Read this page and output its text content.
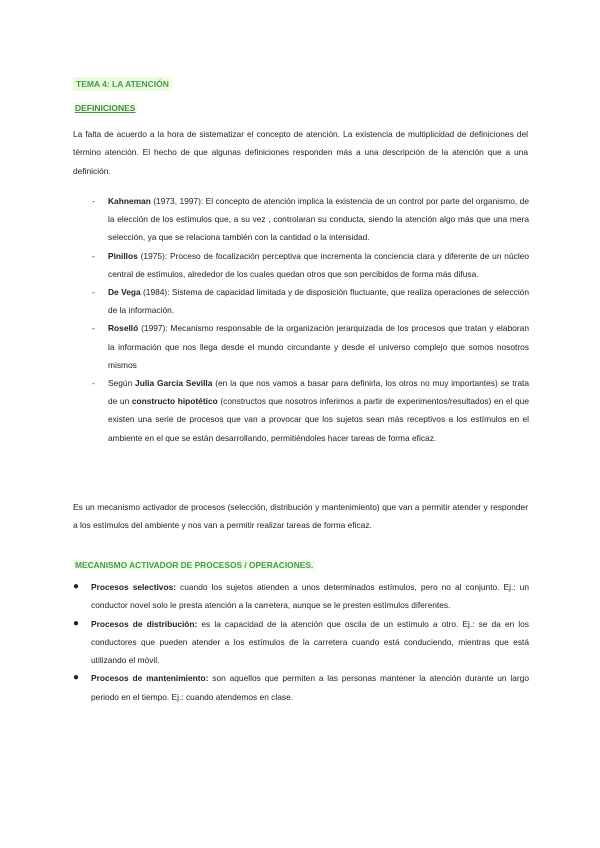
TEMA 4: LA ATENCIÓN
DEFINICIONES
La falta de acuerdo a la hora de sistematizar el concepto de atención. La existencia de multiplicidad de definiciones del término atención. El hecho de que algunas definiciones responden más a una descripción de la atención que a una definición.
- Kahneman (1973, 1997): El concepto de atención implica la existencia de un control por parte del organismo, de la elección de los estímulos que, a su vez , controlaran su conducta, siendo la atención algo más que una mera selección, ya que se relaciona también con la cantidad o la intensidad.
- Pinillos (1975): Proceso de focalización perceptiva que incrementa la conciencia clara y diferente de un núcleo central de estímulos, alrededor de los cuales quedan otros que son percibidos de forma más difusa.
- De Vega (1984): Sistema de capacidad limitada y de disposición fluctuante, que realiza operaciones de selección de la información.
- Roselló (1997): Mecanismo responsable de la organización jerarquizada de los procesos que tratan y elaboran la información que nos llega desde el mundo circundante y desde el universo complejo que somos nosotros mismos
- Según Julia García Sevilla (en la que nos vamos a basar para definirla, los otros no muy importantes) se trata de un constructo hipotético (constructos que nosotros inferimos a partir de experimentos/resultados) en el que existen una serie de procesos que van a provocar que los sujetos sean más receptivos a los estímulos en el ambiente en el que se están desarrollando, permitiéndoles hacer tareas de forma eficaz.
Es un mecanismo activador de procesos (selección, distribución y mantenimiento) que van a permitir atender y responder a los estímulos del ambiente y nos van a permitir realizar tareas de forma eficaz.
MECANISMO ACTIVADOR DE PROCESOS / OPERACIONES.
● Procesos selectivos: cuando los sujetos atienden a unos determinados estímulos, pero no al conjunto. Ej.: un conductor novel solo le presta atención a la carretera, aunque se le presten estímulos diferentes.
● Procesos de distribución: es la capacidad de la atención que oscila de un estímulo a otro. Ej.: se da en los conductores que pueden atender a los estímulos de la carretera cuando está conduciendo, mientras que está utilizando el móvil.
● Procesos de mantenimiento: son aquellos que permiten a las personas mantener la atención durante un largo periodo en el tiempo. Ej.: cuando atendemos en clase.
